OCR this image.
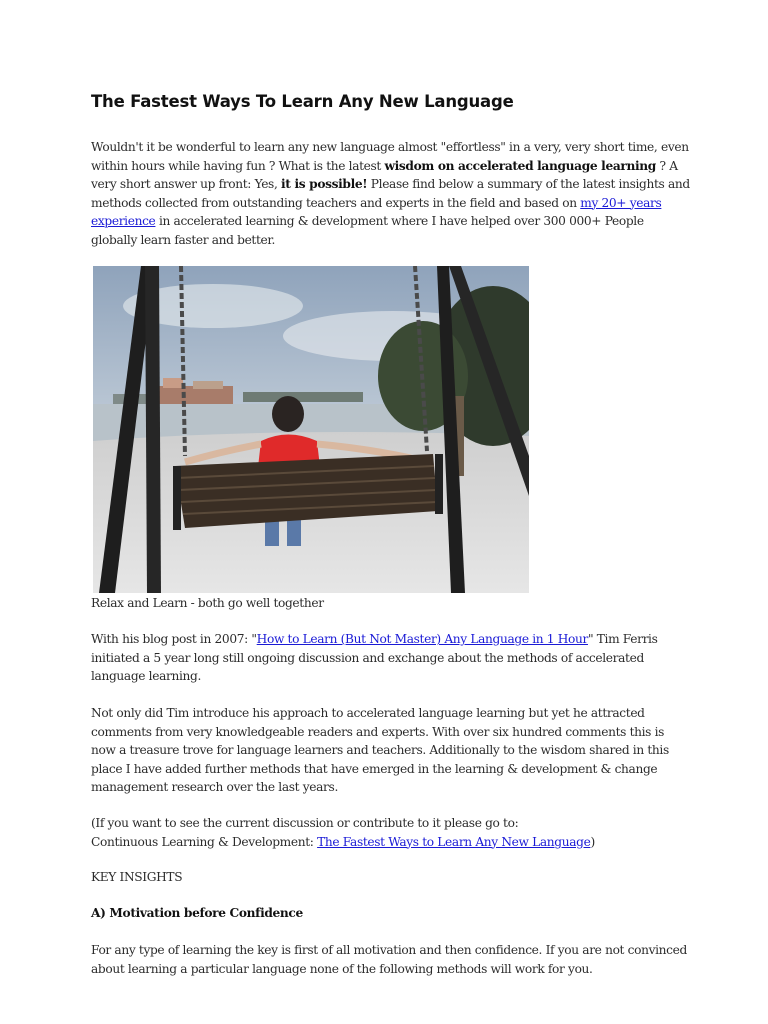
The Fastest Ways To Learn Any New Language

Wouldn't it be wonderful to learn any new language almost "effortless" in a very, very short time, even within hours while having fun ? What is the latest wisdom on accelerated language learning ? A very short answer up front: Yes, it is possible! Please find below a summary of the latest insights and methods collected from outstanding teachers and experts in the field and based on my 20+ years experience in accelerated learning & development where I have helped over 300 000+ People globally learn faster and better.

Relax and Learn - both go well together

With his blog post in 2007: "How to Learn (But Not Master) Any Language in 1 Hour" Tim Ferris initiated a 5 year long still ongoing discussion and exchange about the methods of accelerated language learning.

Not only did Tim introduce his approach to accelerated language learning but yet he attracted comments from very knowledgeable readers and experts. With over six hundred comments this is now a treasure trove for language learners and teachers. Additionally to the wisdom shared in this place I have added further methods that have emerged in the learning & development & change management research over the last years.

(If you want to see the current discussion or contribute to it please go to:
Continuous Learning & Development: The Fastest Ways to Learn Any New Language)

KEY INSIGHTS

A) Motivation before Confidence

For any type of learning the key is first of all motivation and then confidence. If you are not convinced about learning a particular language none of the following methods will work for you.
